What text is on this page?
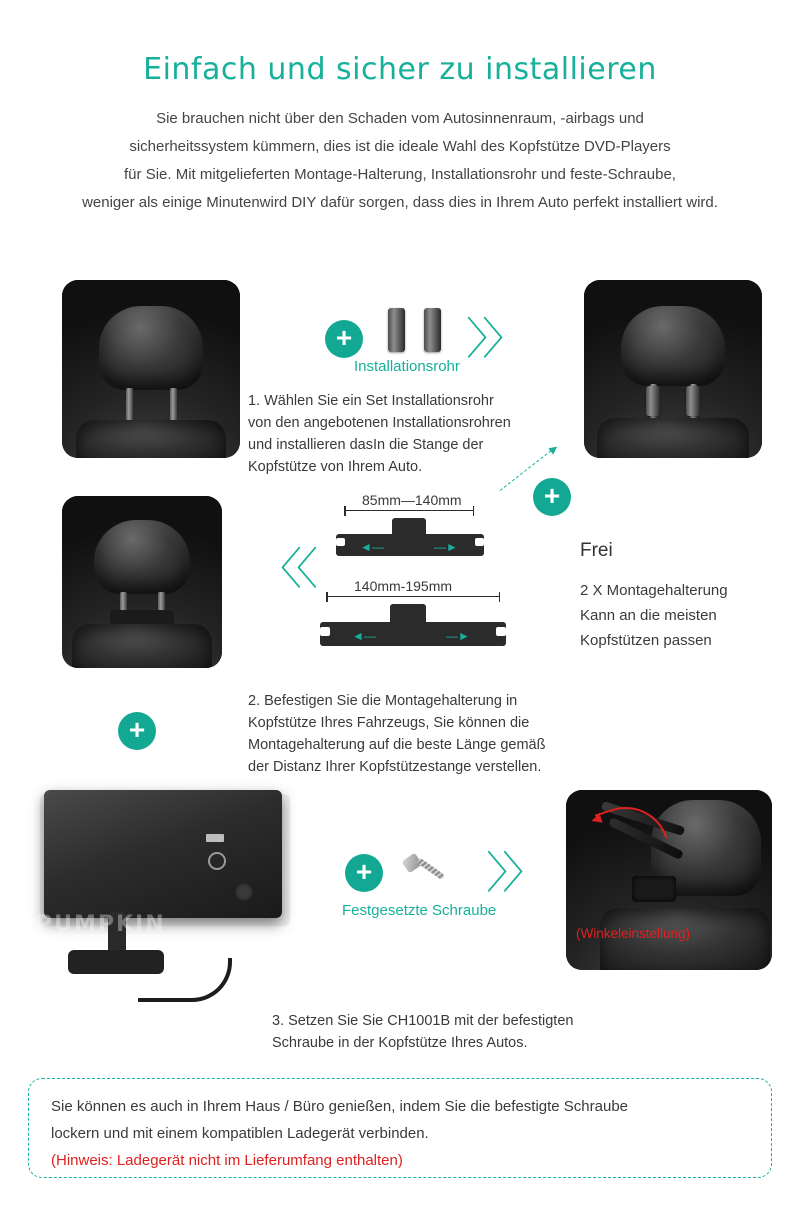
Einfach und sicher zu installieren
Sie brauchen nicht über den Schaden vom Autosinnenraum, -airbags und
sicherheitssystem kümmern, dies ist die ideale Wahl des Kopfstütze DVD-Players
für Sie. Mit mitgelieferten Montage-Halterung, Installationsrohr und feste-Schraube,
weniger als einige Minutenwird DIY dafür sorgen, dass dies in Ihrem Auto perfekt installiert wird.
+	〉〉
Installationsrohr
1. Wählen Sie ein Set Installationsrohr
von den angebotenen Installationsrohren
und installieren dasIn die Stange der
Kopfstütze von Ihrem Auto.
+
〈〈	◄—	—►
85mm—140mm
◄—	—►
140mm-195mm
Frei
2 X Montagehalterung
Kann an die meisten
Kopfstützen passen
+
2. Befestigen Sie die Montagehalterung in
Kopfstütze Ihres Fahrzeugs, Sie können die
Montagehalterung auf die beste Länge gemäß
der Distanz Ihrer Kopfstützestange verstellen.
PUMPKIN
+	〉〉
Festgesetzte Schraube
(Winkeleinstellung)
3. Setzen Sie Sie CH1001B mit der befestigten
Schraube in der Kopfstütze Ihres Autos.
Sie können es auch in Ihrem Haus / Büro genießen, indem Sie die befestigte Schraube
lockern und mit einem kompatiblen Ladegerät verbinden.
(Hinweis: Ladegerät nicht im Lieferumfang enthalten)
